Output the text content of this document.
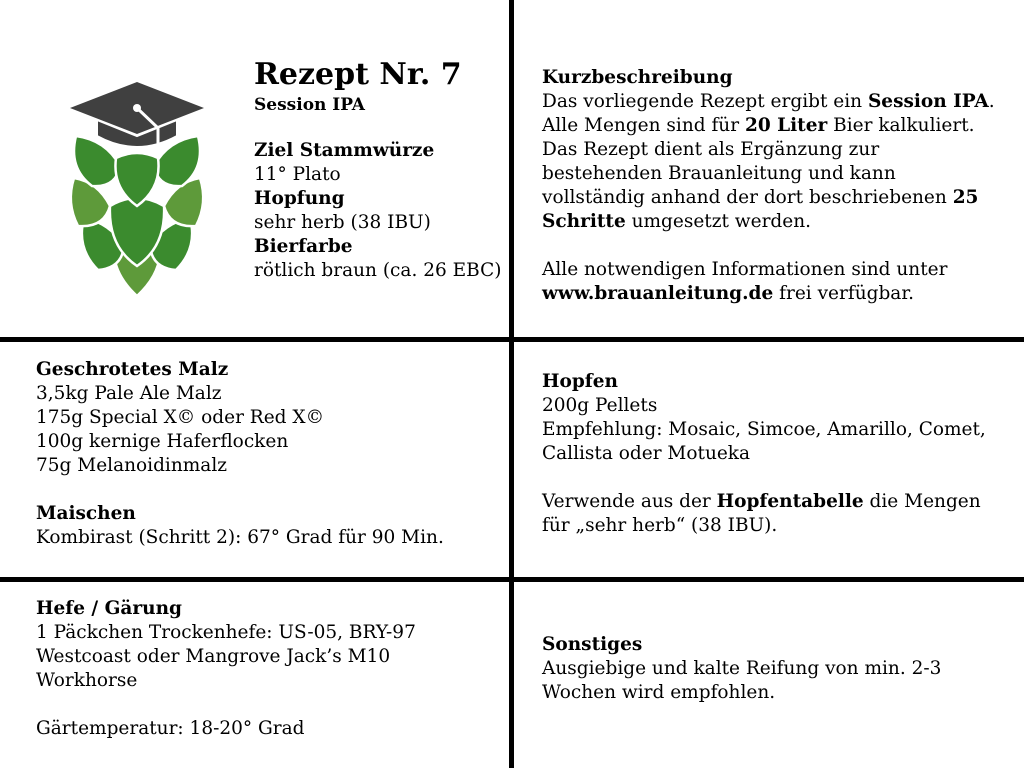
Rezept Nr. 7
Session IPA
Ziel Stammwürze
11° Plato
Hopfung
sehr herb (38 IBU)
Bierfarbe
rötlich braun (ca. 26 EBC)
Kurzbeschreibung
Das vorliegende Rezept ergibt ein Session IPA. Alle Mengen sind für 20 Liter Bier kalkuliert. Das Rezept dient als Ergänzung zur bestehenden Brauanleitung und kann vollständig anhand der dort beschriebenen 25 Schritte umgesetzt werden.
Alle notwendigen Informationen sind unter www.brauanleitung.de frei verfügbar.
Geschrotetes Malz
3,5kg Pale Ale Malz
175g Special X© oder Red X©
100g kernige Haferflocken
75g Melanoidinmalz
Maischen
Kombirast (Schritt 2): 67° Grad für 90 Min.
Hopfen
200g Pellets
Empfehlung: Mosaic, Simcoe, Amarillo, Comet, Callista oder Motueka
Verwende aus der Hopfentabelle die Mengen für „sehr herb“ (38 IBU).
Hefe / Gärung
1 Päckchen Trockenhefe: US-05, BRY-97 Westcoast oder Mangrove Jack’s M10 Workhorse
Gärtemperatur: 18-20° Grad
Sonstiges
Ausgiebige und kalte Reifung von min. 2-3 Wochen wird empfohlen.
